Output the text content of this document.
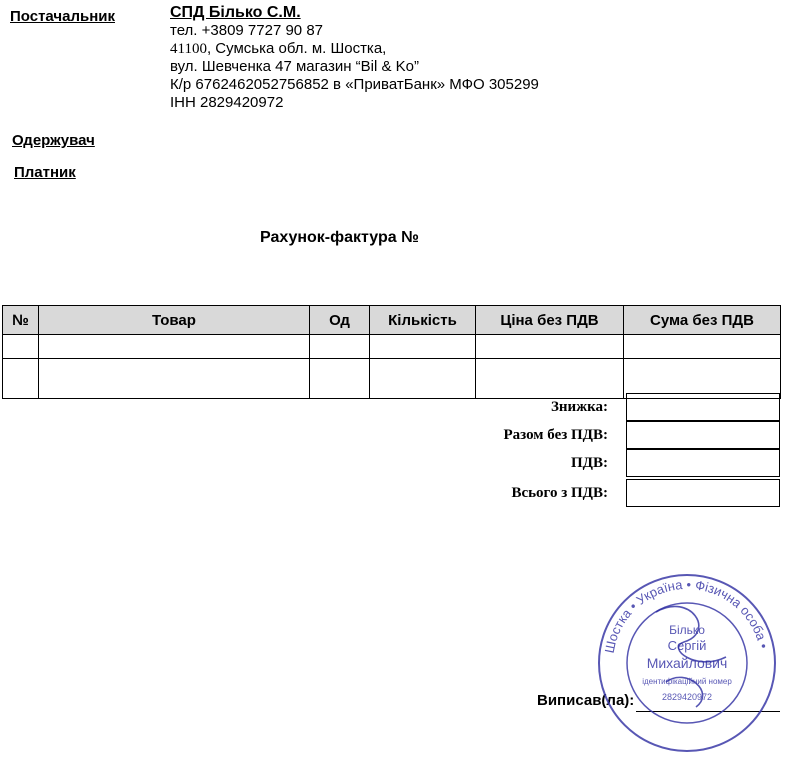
Постачальник	СПД Білько С.М.
тел. +3809 7727 90 87
41100, Сумська обл. м. Шостка,
вул. Шевченка 47 магазин “Bil & Ko”
К/р 6762462052756852 в «ПриватБанк» МФО 305299
ІНН 2829420972
Одержувач
Платник
Рахунок-фактура №
№	Товар	Од	Кількість	Ціна без ПДВ	Сума без ПДВ

Знижка:
Разом без ПДВ:
ПДВ:
Всього з ПДВ:
Виписав(ла):
Шостка • Україна • Фізична особа •
Білько
Сергій
Михайлович
ідентифікаційний номер
2829420972
